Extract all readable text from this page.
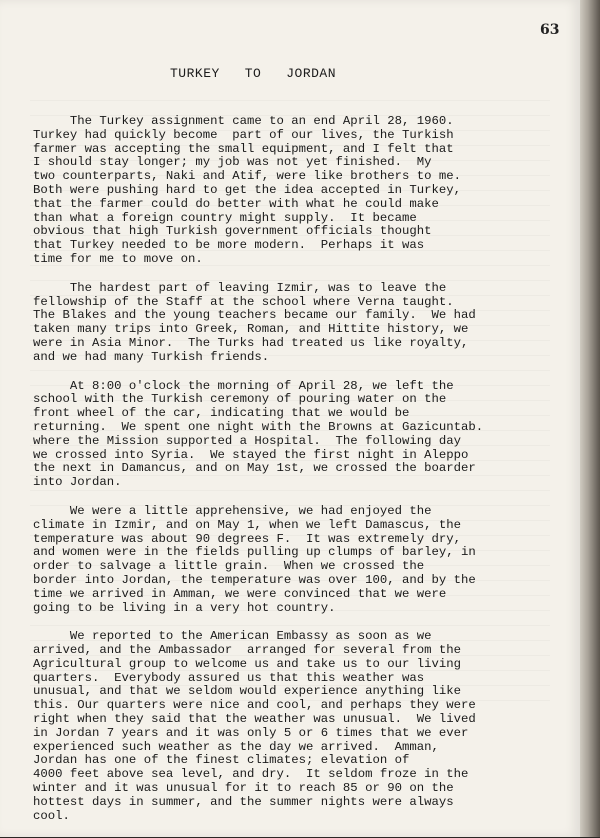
63
TURKEY   TO   JORDAN

The Turkey assignment came to an end April 28, 1960.
Turkey had quickly become  part of our lives, the Turkish
farmer was accepting the small equipment, and I felt that
I should stay longer; my job was not yet finished.  My
two counterparts, Naki and Atif, were like brothers to me.
Both were pushing hard to get the idea accepted in Turkey,
that the farmer could do better with what he could make
than what a foreign country might supply.  It became
obvious that high Turkish government officials thought
that Turkey needed to be more modern.  Perhaps it was
time for me to move on.

The hardest part of leaving Izmir, was to leave the
fellowship of the Staff at the school where Verna taught.
The Blakes and the young teachers became our family.  We had
taken many trips into Greek, Roman, and Hittite history, we
were in Asia Minor.  The Turks had treated us like royalty,
and we had many Turkish friends.

At 8:00 o'clock the morning of April 28, we left the
school with the Turkish ceremony of pouring water on the
front wheel of the car, indicating that we would be
returning.  We spent one night with the Browns at Gazicuntab.
where the Mission supported a Hospital.  The following day
we crossed into Syria.  We stayed the first night in Aleppo
the next in Damancus, and on May 1st, we crossed the boarder
into Jordan.

We were a little apprehensive, we had enjoyed the
climate in Izmir, and on May 1, when we left Damascus, the
temperature was about 90 degrees F.  It was extremely dry,
and women were in the fields pulling up clumps of barley, in
order to salvage a little grain.  When we crossed the
border into Jordan, the temperature was over 100, and by the
time we arrived in Amman, we were convinced that we were
going to be living in a very hot country.

We reported to the American Embassy as soon as we
arrived, and the Ambassador  arranged for several from the
Agricultural group to welcome us and take us to our living
quarters.  Everybody assured us that this weather was
unusual, and that we seldom would experience anything like
this. Our quarters were nice and cool, and perhaps they were
right when they said that the weather was unusual.  We lived
in Jordan 7 years and it was only 5 or 6 times that we ever
experienced such weather as the day we arrived.  Amman,
Jordan has one of the finest climates; elevation of
4000 feet above sea level, and dry.  It seldom froze in the
winter and it was unusual for it to reach 85 or 90 on the
hottest days in summer, and the summer nights were always
cool.
